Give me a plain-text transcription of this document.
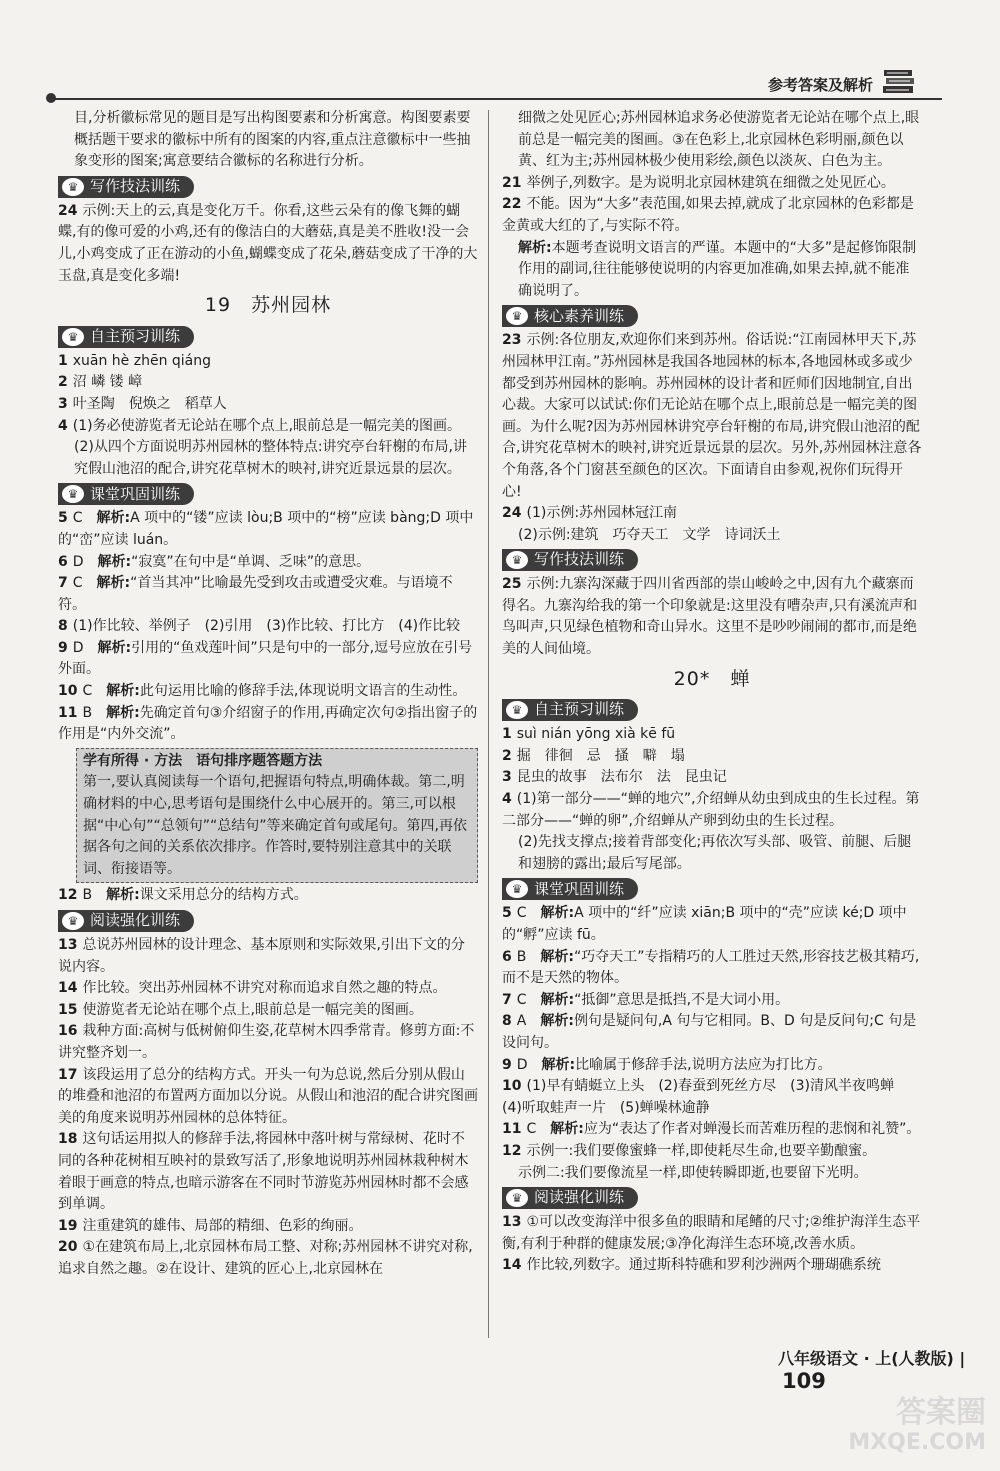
参考答案及解析

目,分析徽标常见的题目是写出构图要素和分析寓意。构图要素要概括题干要求的徽标中所有的图案的内容,重点注意徽标中一些抽象变形的图案;寓意要结合徽标的名称进行分析。

♛ 写作技法训练

24 示例:天上的云,真是变化万千。你看,这些云朵有的像飞舞的蝴蝶,有的像可爱的小鸡,还有的像洁白的大蘑菇,真是美不胜收!没一会儿,小鸡变成了正在游动的小鱼,蝴蝶变成了花朵,蘑菇变成了干净的大玉盘,真是变化多端!

19　苏州园林
♛ 自主预习训练

1 xuān hè zhēn qiáng

2 沼 嶙 镂 嶂

3 叶圣陶　倪焕之　稻草人

4 (1)务必使游览者无论站在哪个点上,眼前总是一幅完美的图画。

(2)从四个方面说明苏州园林的整体特点:讲究亭台轩榭的布局,讲究假山池沼的配合,讲究花草树木的映衬,讲究近景远景的层次。

♛ 课堂巩固训练

5 C　 解析:A 项中的“镂”应读 lòu;B 项中的“榜”应读 bàng;D 项中的“峦”应读 luán。

6 D　 解析:“寂寞”在句中是“单调、乏味”的意思。

7 C　 解析:“首当其冲”比喻最先受到攻击或遭受灾难。与语境不符。

8 (1)作比较、举例子　(2)引用　(3)作比较、打比方　(4)作比较

9 D　 解析:引用的“鱼戏莲叶间”只是句中的一部分,逗号应放在引号外面。

10 C　 解析:此句运用比喻的修辞手法,体现说明文语言的生动性。

11 B　 解析:先确定首句③介绍窗子的作用,再确定次句②指出窗子的作用是“内外交流”。

学有所得 · 方法　语句排序题答题方法

第一,要认真阅读每一个语句,把握语句特点,明确体裁。第二,明确材料的中心,思考语句是围绕什么中心展开的。第三,可以根据“中心句”“总领句”“总结句”等来确定首句或尾句。第四,再依据各句之间的关系依次排序。作答时,要特别注意其中的关联词、衔接语等。

12 B　 解析:课文采用总分的结构方式。

♛ 阅读强化训练

13 总说苏州园林的设计理念、基本原则和实际效果,引出下文的分说内容。

14 作比较。突出苏州园林不讲究对称而追求自然之趣的特点。

15 使游览者无论站在哪个点上,眼前总是一幅完美的图画。

16 栽种方面:高树与低树俯仰生姿,花草树木四季常青。修剪方面:不讲究整齐划一。

17 该段运用了总分的结构方式。开头一句为总说,然后分别从假山的堆叠和池沼的布置两方面加以分说。从假山和池沼的配合讲究图画美的角度来说明苏州园林的总体特征。

18 这句话运用拟人的修辞手法,将园林中落叶树与常绿树、花时不同的各种花树相互映衬的景致写活了,形象地说明苏州园林栽种树木着眼于画意的特点,也暗示游客在不同时节游览苏州园林时都不会感到单调。

19 注重建筑的雄伟、局部的精细、色彩的绚丽。

20 ①在建筑布局上,北京园林布局工整、对称;苏州园林不讲究对称,追求自然之趣。②在设计、建筑的匠心上,北京园林在

细微之处见匠心;苏州园林追求务必使游览者无论站在哪个点上,眼前总是一幅完美的图画。③在色彩上,北京园林色彩明丽,颜色以黄、红为主;苏州园林极少使用彩绘,颜色以淡灰、白色为主。

21 举例子,列数字。是为说明北京园林建筑在细微之处见匠心。

22 不能。因为“大多”表范围,如果去掉,就成了北京园林的色彩都是金黄或大红的了,与实际不符。

解析:本题考查说明文语言的严谨。本题中的“大多”是起修饰限制作用的副词,往往能够使说明的内容更加准确,如果去掉,就不能准确说明了。

♛ 核心素养训练

23 示例:各位朋友,欢迎你们来到苏州。俗话说:“江南园林甲天下,苏州园林甲江南。”苏州园林是我国各地园林的标本,各地园林或多或少都受到苏州园林的影响。苏州园林的设计者和匠师们因地制宜,自出心裁。大家可以试试:你们无论站在哪个点上,眼前总是一幅完美的图画。为什么呢?因为苏州园林讲究亭台轩榭的布局,讲究假山池沼的配合,讲究花草树木的映衬,讲究近景远景的层次。另外,苏州园林注意各个角落,各个门窗甚至颜色的区次。下面请自由参观,祝你们玩得开心!

24 (1)示例:苏州园林冠江南

(2)示例:建筑　巧夺天工　文学　诗词沃土

♛ 写作技法训练

25 示例:九寨沟深藏于四川省西部的崇山峻岭之中,因有九个藏寨而得名。九寨沟给我的第一个印象就是:这里没有嘈杂声,只有溪流声和鸟叫声,只见绿色植物和奇山异水。这里不是吵吵闹闹的都市,而是绝美的人间仙境。

20*　蝉
♛ 自主预习训练

1 suì nián yōng xià kē fū

2 掘　徘徊　忌　搔　噼　塌

3 昆虫的故事　法布尔　法　昆虫记

4 (1)第一部分——“蝉的地穴”,介绍蝉从幼虫到成虫的生长过程。第二部分——“蝉的卵”,介绍蝉从产卵到幼虫的生长过程。

(2)先找支撑点;接着背部变化;再依次写头部、吸管、前腿、后腿和翅膀的露出;最后写尾部。

♛ 课堂巩固训练

5 C　 解析:A 项中的“纤”应读 xiān;B 项中的“壳”应读 ké;D 项中的“孵”应读 fū。

6 B　 解析:“巧夺天工”专指精巧的人工胜过天然,形容技艺极其精巧,而不是天然的物体。

7 C　 解析:“抵御”意思是抵挡,不是大词小用。

8 A　 解析:例句是疑问句,A 句与它相同。B、D 句是反问句;C 句是设问句。

9 D　 解析:比喻属于修辞手法,说明方法应为打比方。

10 (1)早有蜻蜓立上头　(2)春蚕到死丝方尽　(3)清风半夜鸣蝉　(4)听取蛙声一片　(5)蝉噪林逾静

11 C　 解析:应为“表达了作者对蝉漫长而苦难历程的悲悯和礼赞”。

12 示例一:我们要像蜜蜂一样,即使耗尽生命,也要辛勤酿蜜。

示例二:我们要像流星一样,即使转瞬即逝,也要留下光明。

♛ 阅读强化训练

13 ①可以改变海洋中很多鱼的眼睛和尾鳍的尺寸;②维护海洋生态平衡,有利于种群的健康发展;③净化海洋生态环境,改善水质。

14 作比较,列数字。通过斯科特礁和罗利沙洲两个珊瑚礁系统

八年级语文 · 上(人教版) | 109
答案圈
MXQE.COM
